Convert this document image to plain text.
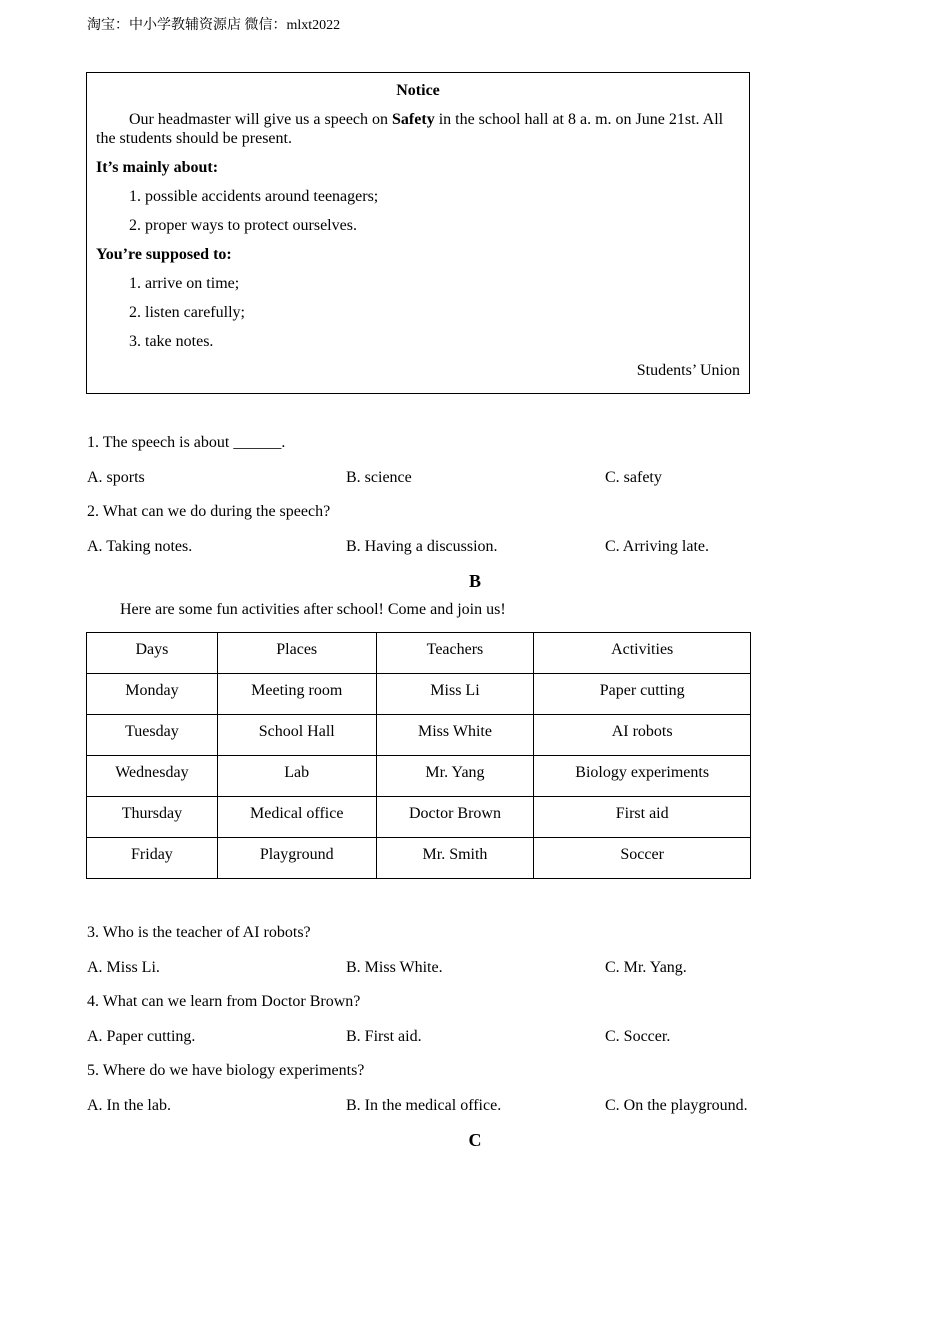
淘宝：中小学教辅资源店 微信：mlxt2022
Notice

Our headmaster will give us a speech on Safety in the school hall at 8 a. m. on June 21st. All the students should be present.

It’s mainly about:

1. possible accidents around teenagers;

2. proper ways to protect ourselves.

You’re supposed to:

1. arrive on time;

2. listen carefully;

3. take notes.

Students’ Union

1. The speech is about ______.
A. sports	B. science	C. safety
2. What can we do during the speech?
A. Taking notes.	B. Having a discussion.	C. Arriving late.
B
Here are some fun activities after school! Come and join us!
Days	Places	Teachers	Activities
Monday	Meeting room	Miss Li	Paper cutting
Tuesday	School Hall	Miss White	AI robots
Wednesday	Lab	Mr. Yang	Biology experiments
Thursday	Medical office	Doctor Brown	First aid
Friday	Playground	Mr. Smith	Soccer
3. Who is the teacher of AI robots?
A. Miss Li.	B. Miss White.	C. Mr. Yang.
4. What can we learn from Doctor Brown?
A. Paper cutting.	B. First aid.	C. Soccer.
5. Where do we have biology experiments?
A. In the lab.	B. In the medical office.	C. On the playground.
C
